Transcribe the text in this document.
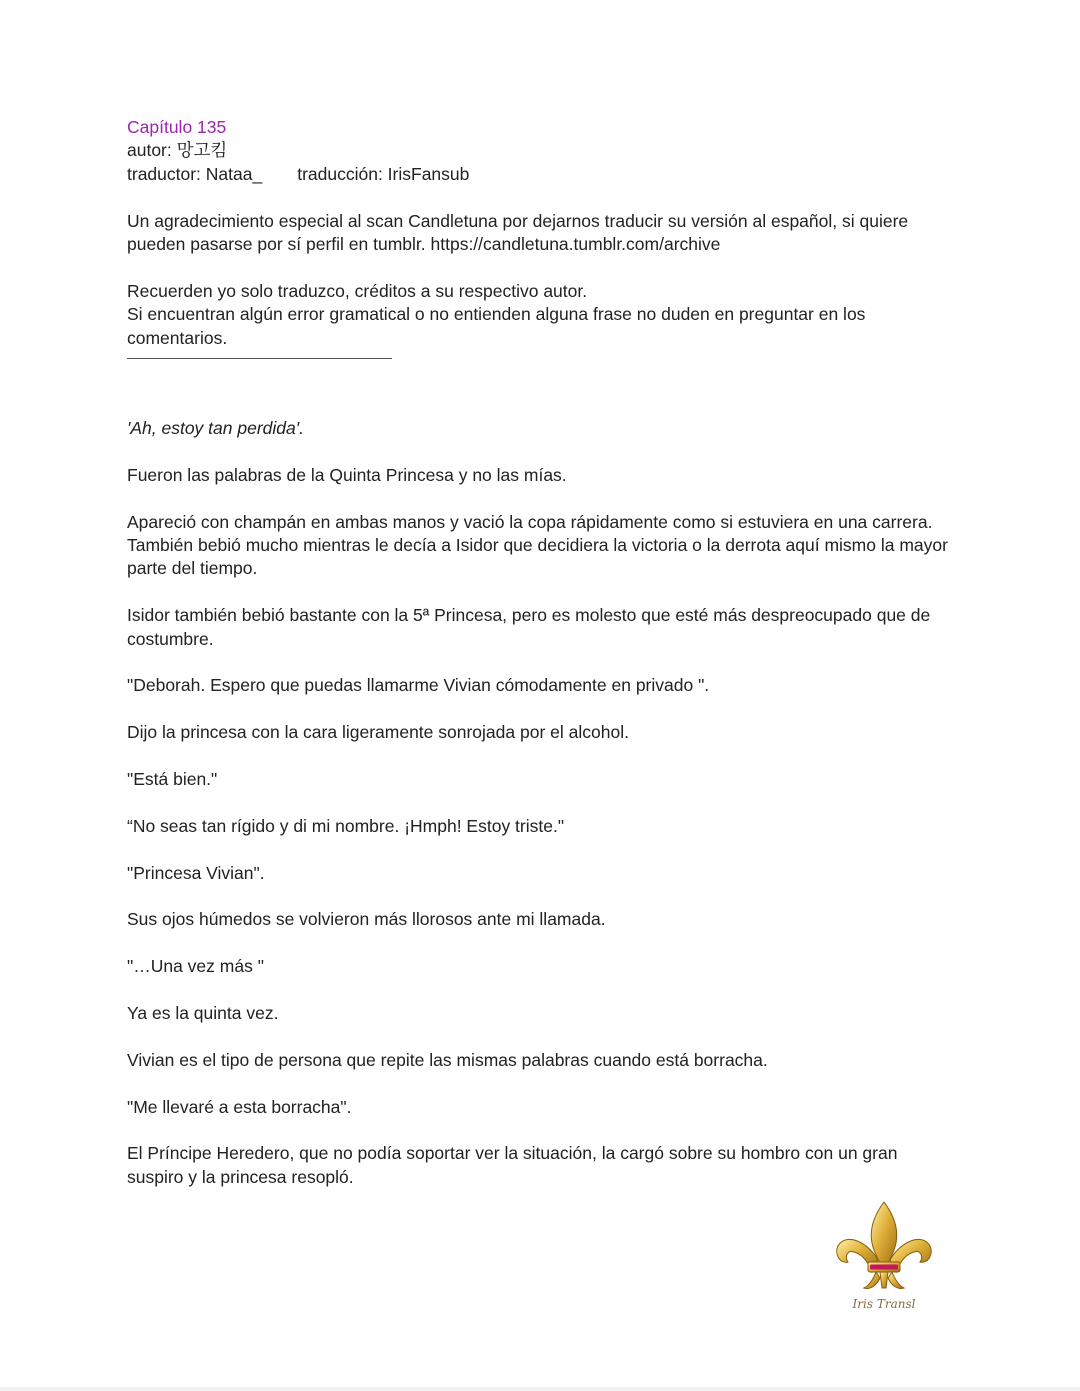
Capítulo 135
autor: 망고킴
traductor: Nataa_ traducción: IrisFansub

Un agradecimiento especial al scan Candletuna por dejarnos traducir su versión al español, si quiere pueden pasarse por sí perfil en tumblr. https://candletuna.tumblr.com/archive

Recuerden yo solo traduzco, créditos a su respectivo autor.
Si encuentran algún error gramatical o no entienden alguna frase no duden en preguntar en los comentarios.

'Ah, estoy tan perdida'.

Fueron las palabras de la Quinta Princesa y no las mías.

Apareció con champán en ambas manos y vació la copa rápidamente como si estuviera en una carrera. También bebió mucho mientras le decía a Isidor que decidiera la victoria o la derrota aquí mismo la mayor parte del tiempo.

Isidor también bebió bastante con la 5ª Princesa, pero es molesto que esté más despreocupado que de costumbre.

"Deborah. Espero que puedas llamarme Vivian cómodamente en privado ".

Dijo la princesa con la cara ligeramente sonrojada por el alcohol.

"Está bien."

“No seas tan rígido y di mi nombre. ¡Hmph! Estoy triste."

"Princesa Vivian".

Sus ojos húmedos se volvieron más llorosos ante mi llamada.

"…Una vez más "

Ya es la quinta vez.

Vivian es el tipo de persona que repite las mismas palabras cuando está borracha.

"Me llevaré a esta borracha".

El Príncipe Heredero, que no podía soportar ver la situación, la cargó sobre su hombro con un gran suspiro y la princesa resopló.

Iris Transl
